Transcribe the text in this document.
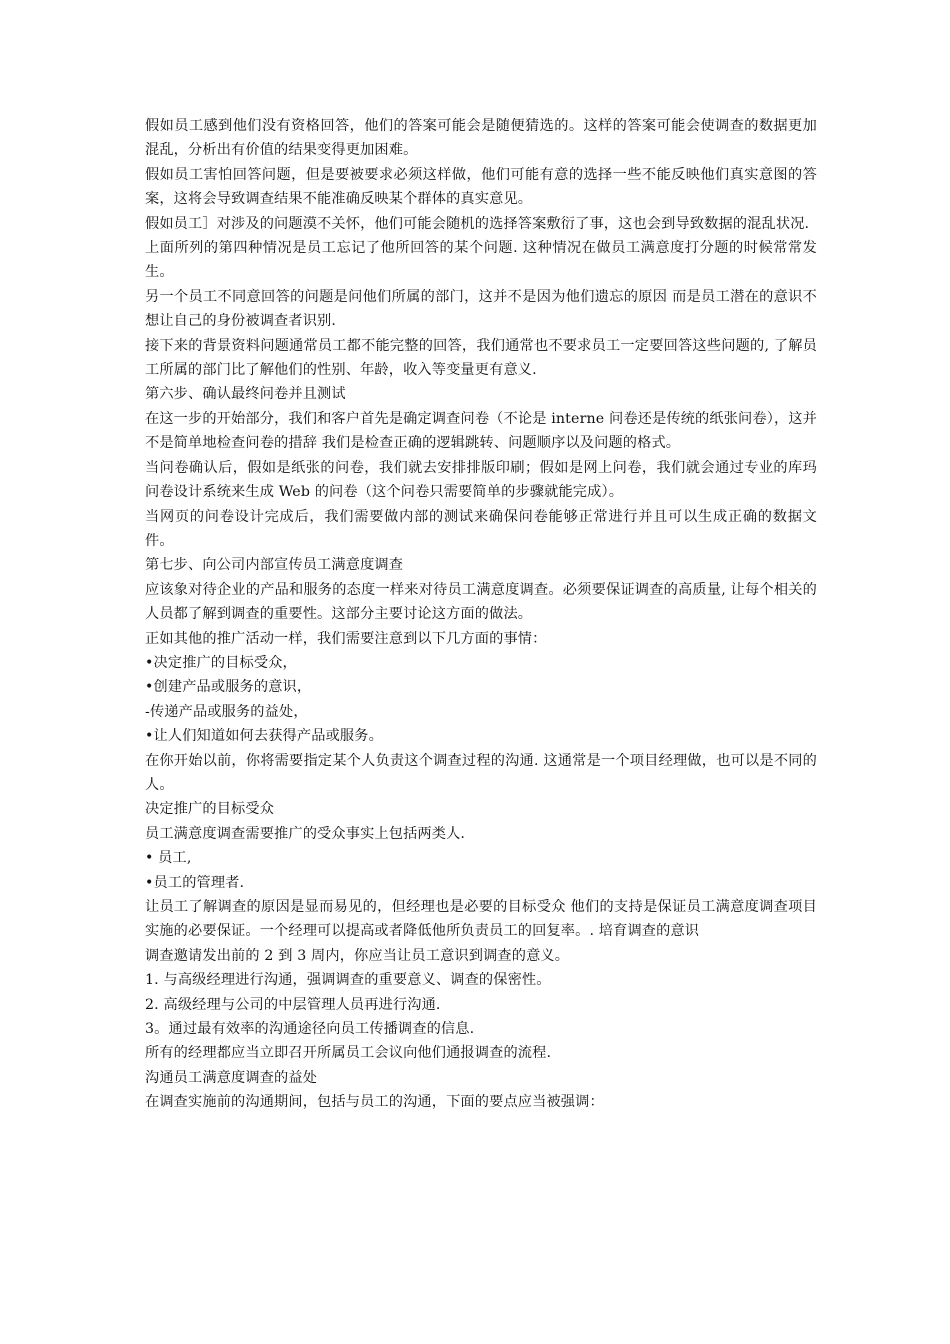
假如员工感到他们没有资格回答，他们的答案可能会是随便猜选的。这样的答案可能会使调查的数据更加混乱，分析出有价值的结果变得更加困难。

假如员工害怕回答问题，但是要被要求必须这样做，他们可能有意的选择一些不能反映他们真实意图的答案，这将会导致调查结果不能准确反映某个群体的真实意见。

假如员工］对涉及的问题漠不关怀，他们可能会随机的选择答案敷衍了事，这也会到导致数据的混乱状况.

上面所列的第四种情况是员工忘记了他所回答的某个问题. 这种情况在做员工满意度打分题的时候常常发生。

另一个员工不同意回答的问题是问他们所属的部门，这并不是因为他们遗忘的原因 而是员工潜在的意识不想让自己的身份被调查者识别.

接下来的背景资料问题通常员工都不能完整的回答，我们通常也不要求员工一定要回答这些问题的, 了解员工所属的部门比了解他们的性别、年龄，收入等变量更有意义.

第六步、确认最终问卷并且测试

在这一步的开始部分，我们和客户首先是确定调查问卷（不论是 interne 问卷还是传统的纸张问卷），这并不是简单地检查问卷的措辞 我们是检查正确的逻辑跳转、问题顺序以及问题的格式。

当问卷确认后，假如是纸张的问卷，我们就去安排排版印刷；假如是网上问卷，我们就会通过专业的库玛问卷设计系统来生成 Web 的问卷（这个问卷只需要简单的步骤就能完成）。

当网页的问卷设计完成后，我们需要做内部的测试来确保问卷能够正常进行并且可以生成正确的数据文件。

第七步、向公司内部宣传员工满意度调查

应该象对待企业的产品和服务的态度一样来对待员工满意度调查。必须要保证调查的高质量, 让每个相关的人员都了解到调查的重要性。这部分主要讨论这方面的做法。

正如其他的推广活动一样，我们需要注意到以下几方面的事情：

•决定推广的目标受众，

•创建产品或服务的意识，

-传递产品或服务的益处，

•让人们知道如何去获得产品或服务。

在你开始以前，你将需要指定某个人负责这个调查过程的沟通. 这通常是一个项目经理做，也可以是不同的人。

决定推广的目标受众

员工满意度调查需要推广的受众事实上包括两类人.

• 员工,

•员工的管理者.

让员工了解调查的原因是显而易见的，但经理也是必要的目标受众 他们的支持是保证员工满意度调查项目实施的必要保证。一个经理可以提高或者降低他所负责员工的回复率。. 培育调查的意识

调查邀请发出前的 2 到 3 周内，你应当让员工意识到调查的意义。

1. 与高级经理进行沟通，强调调查的重要意义、调查的保密性。

2. 高级经理与公司的中层管理人员再进行沟通.

3。通过最有效率的沟通途径向员工传播调查的信息.

所有的经理都应当立即召开所属员工会议向他们通报调查的流程.

沟通员工满意度调查的益处

在调查实施前的沟通期间，包括与员工的沟通，下面的要点应当被强调：
